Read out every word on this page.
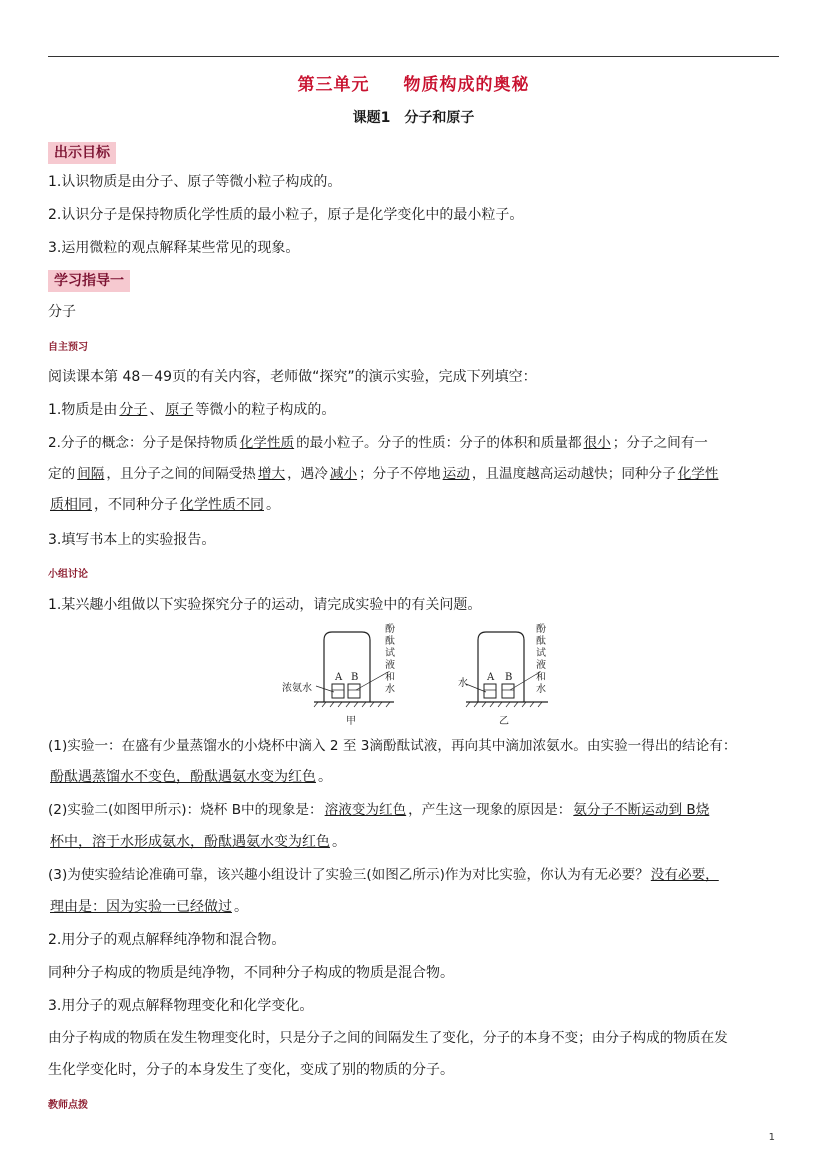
第三单元 物质构成的奥秘
课题1　分子和原子
出示目标
1.认识物质是由分子、原子等微小粒子构成的。
2.认识分子是保持物质化学性质的最小粒子，原子是化学变化中的最小粒子。
3.运用微粒的观点解释某些常见的现象。
学习指导一
分子
自主预习
阅读课本第 48－49页的有关内容，老师做“探究”的演示实验，完成下列填空：
1.物质是由 分子 、 原子 等微小的粒子构成的。
2.分子的概念：分子是保持物质 化学性质 的最小粒子。分子的性质：分子的体积和质量都 很小 ；分子之间有一
定的 间隔 ，且分子之间的间隔受热 增大 ，遇冷 减小 ；分子不停地 运动 ，且温度越高运动越快；同种分子 化学性
质相同 ，不同种分子 化学性质不同 。
3.填写书本上的实验报告。
小组讨论
1.某兴趣小组做以下实验探究分子的运动，请完成实验中的有关问题。
浓氨水
A B
酚
酞
试
液
和
水
甲
水
A B
酚
酞
试
液
和
水
乙
(1)实验一：在盛有少量蒸馏水的小烧杯中滴入 2 至 3滴酚酞试液，再向其中滴加浓氨水。由实验一得出的结论有：
酚酞遇蒸馏水不变色，酚酞遇氨水变为红色 。
(2)实验二(如图甲所示)：烧杯 B中的现象是： 溶液变为红色 ，产生这一现象的原因是： 氨分子不断运动到 B烧
杯中，溶于水形成氨水，酚酞遇氨水变为红色 。
(3)为使实验结论准确可靠，该兴趣小组设计了实验三(如图乙所示)作为对比实验，你认为有无必要？ 没有必要，
理由是：因为实验一已经做过 。
2.用分子的观点解释纯净物和混合物。
同种分子构成的物质是纯净物，不同种分子构成的物质是混合物。
3.用分子的观点解释物理变化和化学变化。
由分子构成的物质在发生物理变化时，只是分子之间的间隔发生了变化，分子的本身不变；由分子构成的物质在发
生化学变化时，分子的本身发生了变化，变成了别的物质的分子。
教师点拨
1
